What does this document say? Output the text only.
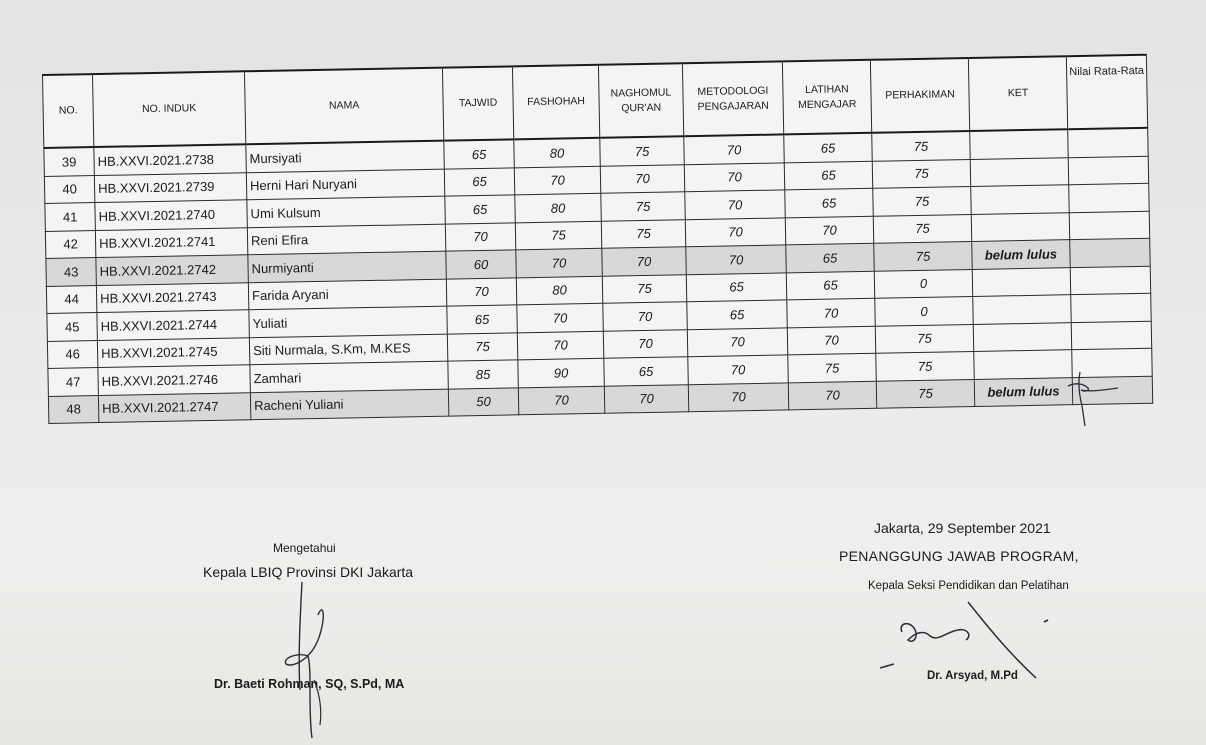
NO.	NO. INDUK	NAMA	TAJWID	FASHOHAH	NAGHOMUL QUR'AN	METODOLOGI PENGAJARAN	LATIHAN MENGAJAR	PERHAKIMAN	KET	Nilai Rata-Rata
39	HB.XXVI.2021.2738	Mursiyati	65	80	75	70	65	75		
40	HB.XXVI.2021.2739	Herni Hari Nuryani	65	70	70	70	65	75		
41	HB.XXVI.2021.2740	Umi Kulsum	65	80	75	70	65	75		
42	HB.XXVI.2021.2741	Reni Efira	70	75	75	70	70	75		
43	HB.XXVI.2021.2742	Nurmiyanti	60	70	70	70	65	75	belum lulus	
44	HB.XXVI.2021.2743	Farida Aryani	70	80	75	65	65	0		
45	HB.XXVI.2021.2744	Yuliati	65	70	70	65	70	0		
46	HB.XXVI.2021.2745	Siti Nurmala, S.Km, M.KES	75	70	70	70	70	75		
47	HB.XXVI.2021.2746	Zamhari	85	90	65	70	75	75		
48	HB.XXVI.2021.2747	Racheni Yuliani	50	70	70	70	70	75	belum lulus	
Mengetahui
Kepala LBIQ Provinsi DKI Jakarta
Dr. Baeti Rohman, SQ, S.Pd, MA
Jakarta, 29 September 2021
PENANGGUNG JAWAB PROGRAM,
Kepala Seksi Pendidikan dan Pelatihan
Dr. Arsyad, M.Pd
